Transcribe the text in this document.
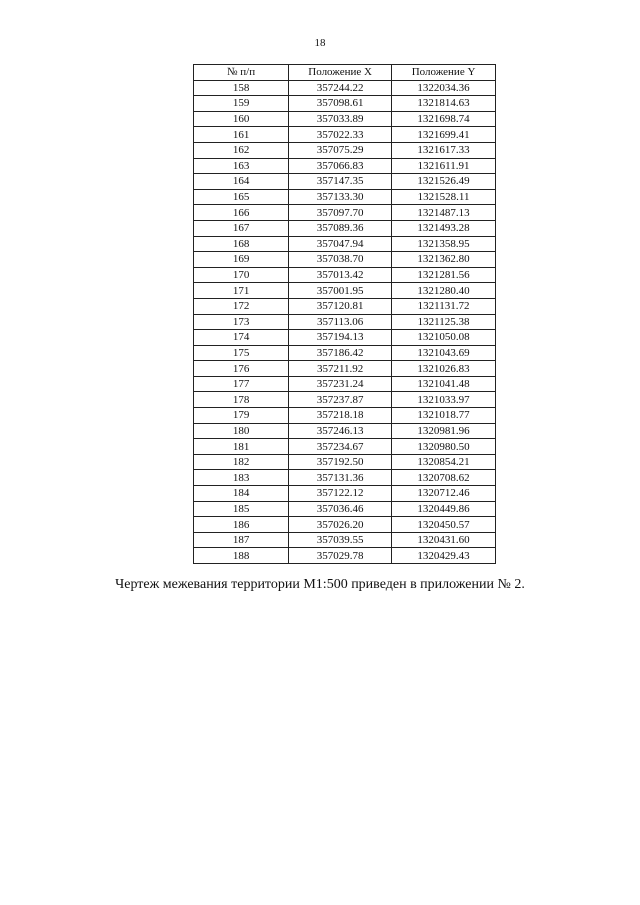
18
№ п/п	Положение X	Положение Y
158	357244.22	1322034.36
159	357098.61	1321814.63
160	357033.89	1321698.74
161	357022.33	1321699.41
162	357075.29	1321617.33
163	357066.83	1321611.91
164	357147.35	1321526.49
165	357133.30	1321528.11
166	357097.70	1321487.13
167	357089.36	1321493.28
168	357047.94	1321358.95
169	357038.70	1321362.80
170	357013.42	1321281.56
171	357001.95	1321280.40
172	357120.81	1321131.72
173	357113.06	1321125.38
174	357194.13	1321050.08
175	357186.42	1321043.69
176	357211.92	1321026.83
177	357231.24	1321041.48
178	357237.87	1321033.97
179	357218.18	1321018.77
180	357246.13	1320981.96
181	357234.67	1320980.50
182	357192.50	1320854.21
183	357131.36	1320708.62
184	357122.12	1320712.46
185	357036.46	1320449.86
186	357026.20	1320450.57
187	357039.55	1320431.60
188	357029.78	1320429.43
Чертеж межевания территории М1:500 приведен в приложении № 2.
